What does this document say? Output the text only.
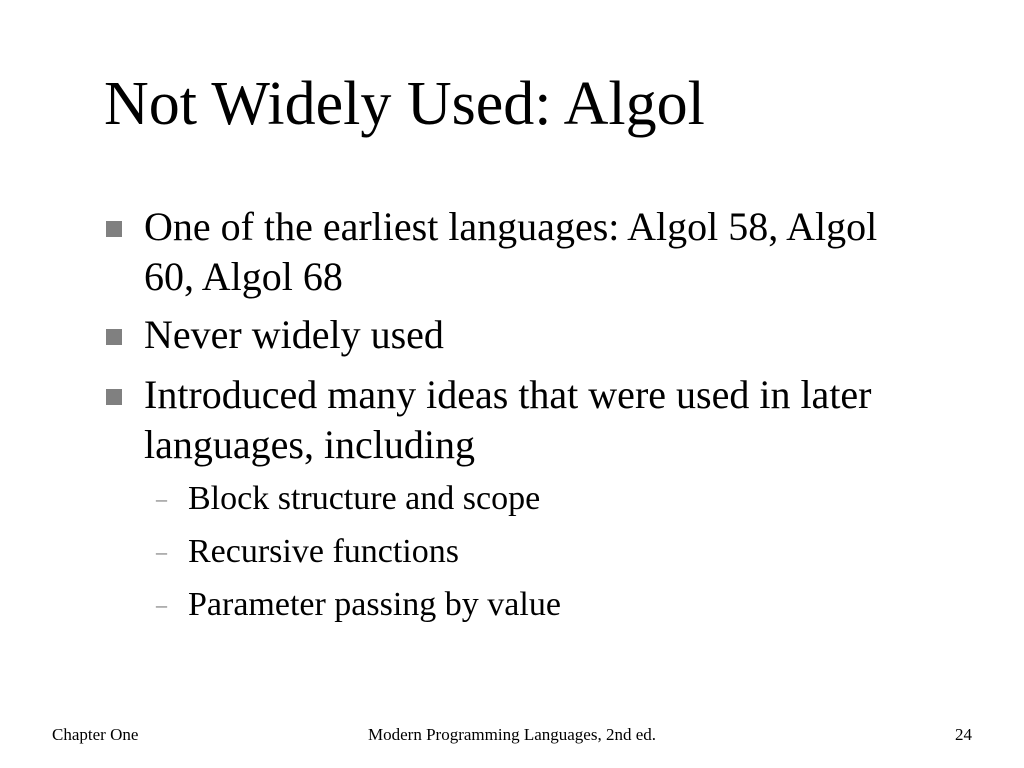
Not Widely Used: Algol
One of the earliest languages: Algol 58, Algol 60, Algol 68
Never widely used
Introduced many ideas that were used in later languages, including
– Block structure and scope
– Recursive functions
– Parameter passing by value
Chapter One	Modern Programming Languages, 2nd ed.	24
